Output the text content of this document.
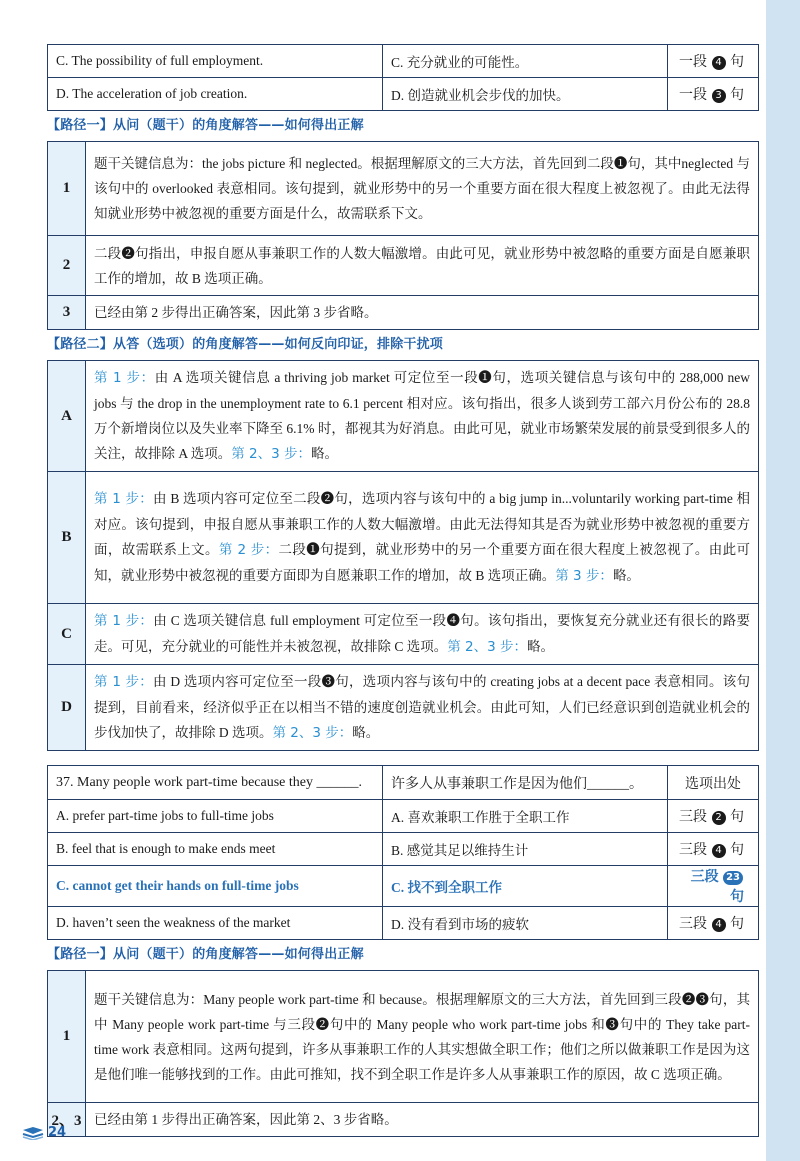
C. The possibility of full employment.	C. 充分就业的可能性。	一段 4 句
D. The acceleration of job creation.	D. 创造就业机会步伐的加快。	一段 3 句
【路径一】从问（题干）的角度解答——如何得出正解
1	题干关键信息为：the jobs picture 和 neglected。根据理解原文的三大方法，首先回到二段❶句，其中neglected 与该句中的 overlooked 表意相同。该句提到，就业形势中的另一个重要方面在很大程度上被忽视了。由此无法得知就业形势中被忽视的重要方面是什么，故需联系下文。
2	二段❷句指出，申报自愿从事兼职工作的人数大幅激增。由此可见，就业形势中被忽略的重要方面是自愿兼职工作的增加，故 B 选项正确。
3	已经由第 2 步得出正确答案，因此第 3 步省略。
【路径二】从答（选项）的角度解答——如何反向印证，排除干扰项
A	第 1 步：由 A 选项关键信息 a thriving job market 可定位至一段❶句，选项关键信息与该句中的 288,000 new jobs 与 the drop in the unemployment rate to 6.1 percent 相对应。该句指出，很多人谈到劳工部六月份公布的 28.8 万个新增岗位以及失业率下降至 6.1% 时，都视其为好消息。由此可见，就业市场繁荣发展的前景受到很多人的关注，故排除 A 选项。第 2、3 步：略。
B	第 1 步：由 B 选项内容可定位至二段❷句，选项内容与该句中的 a big jump in...voluntarily working part-time 相对应。该句提到，申报自愿从事兼职工作的人数大幅激增。由此无法得知其是否为就业形势中被忽视的重要方面，故需联系上文。第 2 步：二段❶句提到，就业形势中的另一个重要方面在很大程度上被忽视了。由此可知，就业形势中被忽视的重要方面即为自愿兼职工作的增加，故 B 选项正确。第 3 步：略。
C	第 1 步：由 C 选项关键信息 full employment 可定位至一段❹句。该句指出，要恢复充分就业还有很长的路要走。可见，充分就业的可能性并未被忽视，故排除 C 选项。第 2、3 步：略。
D	第 1 步：由 D 选项内容可定位至一段❸句，选项内容与该句中的 creating jobs at a decent pace 表意相同。该句提到，目前看来，经济似乎正在以相当不错的速度创造就业机会。由此可知，人们已经意识到创造就业机会的步伐加快了，故排除 D 选项。第 2、3 步：略。
37. Many people work part-time because they ______.	许多人从事兼职工作是因为他们______。	选项出处
A. prefer part-time jobs to full-time jobs	A. 喜欢兼职工作胜于全职工作	三段 2 句
B. feel that is enough to make ends meet	B. 感觉其足以维持生计	三段 4 句
C. cannot get their hands on full-time jobs	C. 找不到全职工作	三段 23 句
D. haven’t seen the weakness of the market	D. 没有看到市场的疲软	三段 4 句
【路径一】从问（题干）的角度解答——如何得出正解
1	题干关键信息为：Many people work part-time 和 because。根据理解原文的三大方法，首先回到三段❷❸句，其中 Many people work part-time 与三段❷句中的 Many people who work part-time jobs 和❸句中的 They take part-time work 表意相同。这两句提到，许多从事兼职工作的人其实想做全职工作；他们之所以做兼职工作是因为这是他们唯一能够找到的工作。由此可推知，找不到全职工作是许多人从事兼职工作的原因，故 C 选项正确。
2、3	已经由第 1 步得出正确答案，因此第 2、3 步省略。
24
